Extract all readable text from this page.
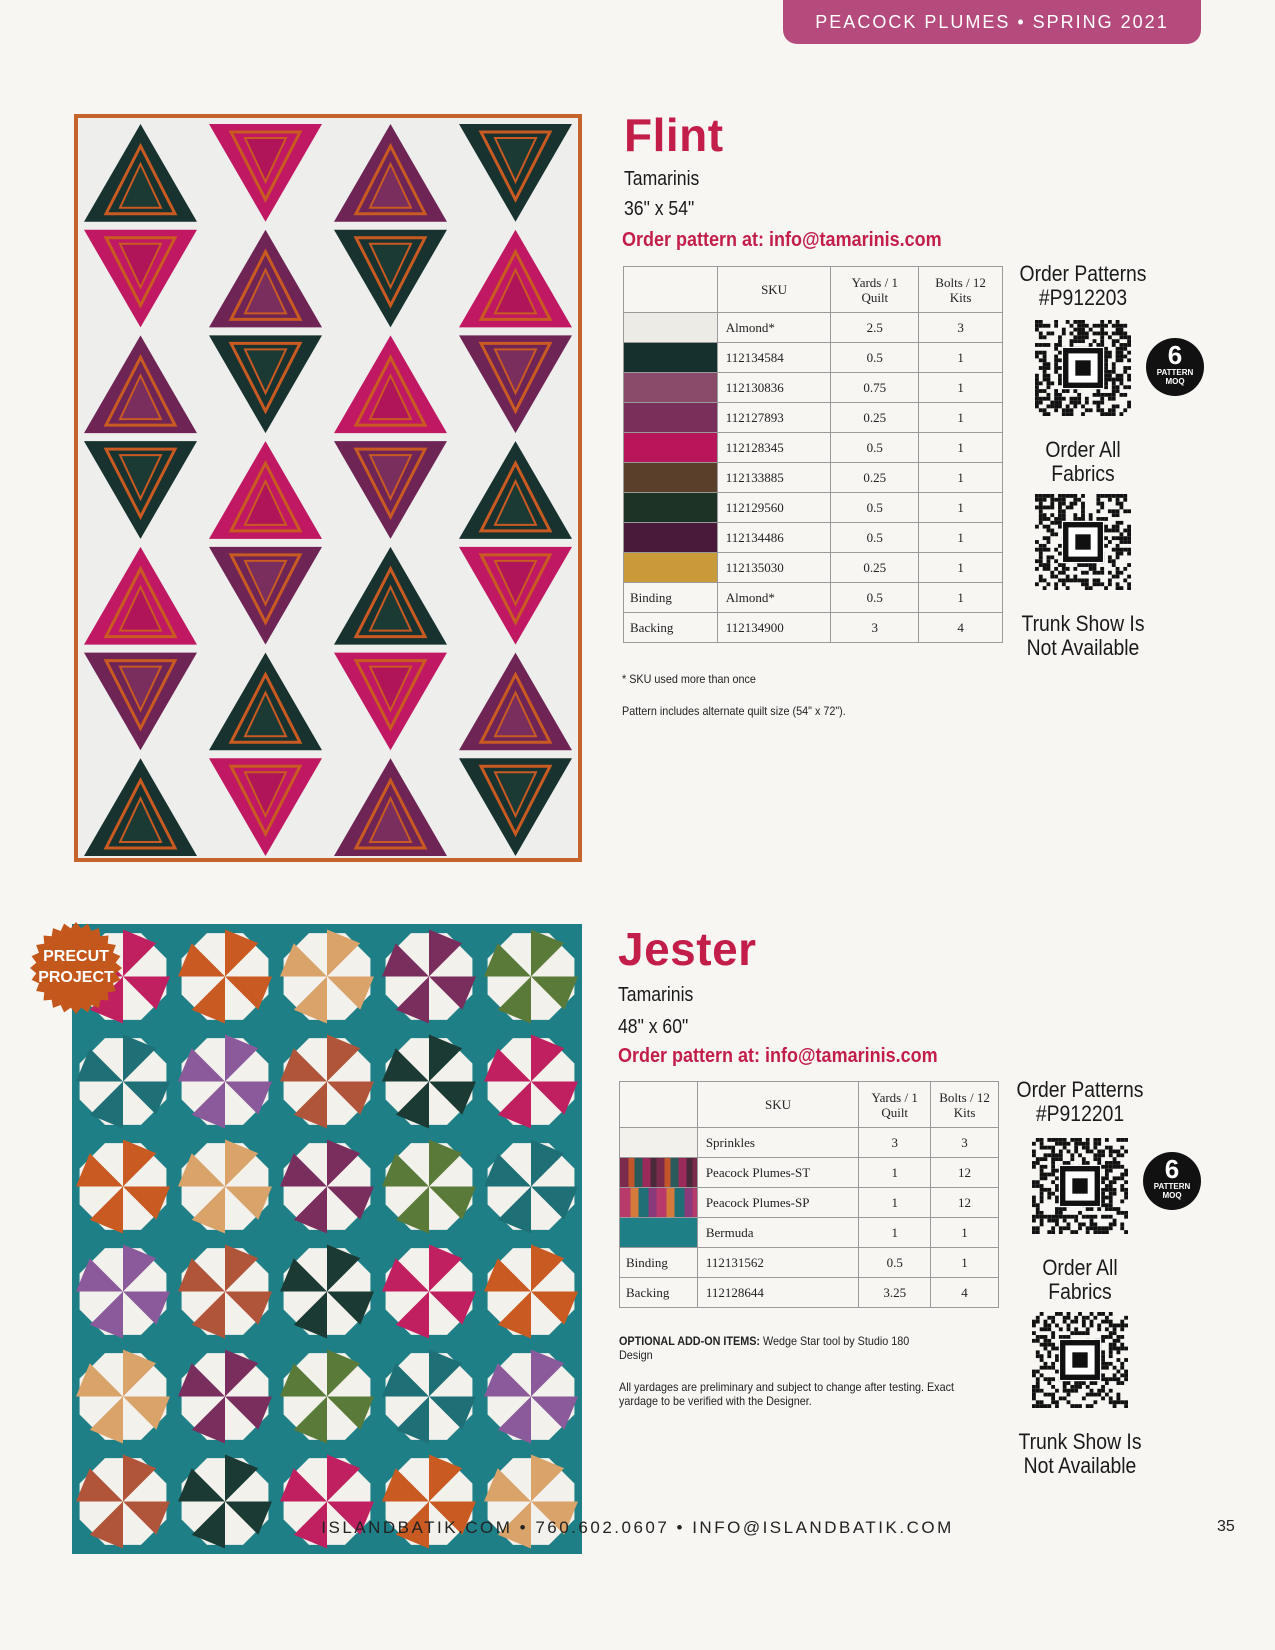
PEACOCK PLUMES • SPRING 2021
Flint
Tamarinis
36" x 54"
Order pattern at: info@tamarinis.com
	SKU	Yards / 1 Quilt	Bolts / 12 Kits
	Almond*	2.5	3
	112134584	0.5	1
	112130836	0.75	1
	112127893	0.25	1
	112128345	0.5	1
	112133885	0.25	1
	112129560	0.5	1
	112134486	0.5	1
	112135030	0.25	1
Binding	Almond*	0.5	1
Backing	112134900	3	4
* SKU used more than once
Pattern includes alternate quilt size (54" x 72").
Order Patterns
#P912203
6
PATTERN
MOQ
Order All
Fabrics
Trunk Show Is
Not Available
PRECUT
PROJECT
Jester
Tamarinis
48" x 60"
Order pattern at: info@tamarinis.com
	SKU	Yards / 1 Quilt	Bolts / 12 Kits
	Sprinkles	3	3
	Peacock Plumes-ST	1	12
	Peacock Plumes-SP	1	12
	Bermuda	1	1
Binding	112131562	0.5	1
Backing	112128644	3.25	4
OPTIONAL ADD-ON ITEMS: Wedge Star tool by Studio 180 Design
All yardages are preliminary and subject to change after testing. Exact yardage to be verified with the Designer.
Order Patterns
#P912201
6
PATTERN
MOQ
Order All
Fabrics
Trunk Show Is
Not Available
ISLANDBATIK.COM • 760.602.0607 • INFO@ISLANDBATIK.COM	35
